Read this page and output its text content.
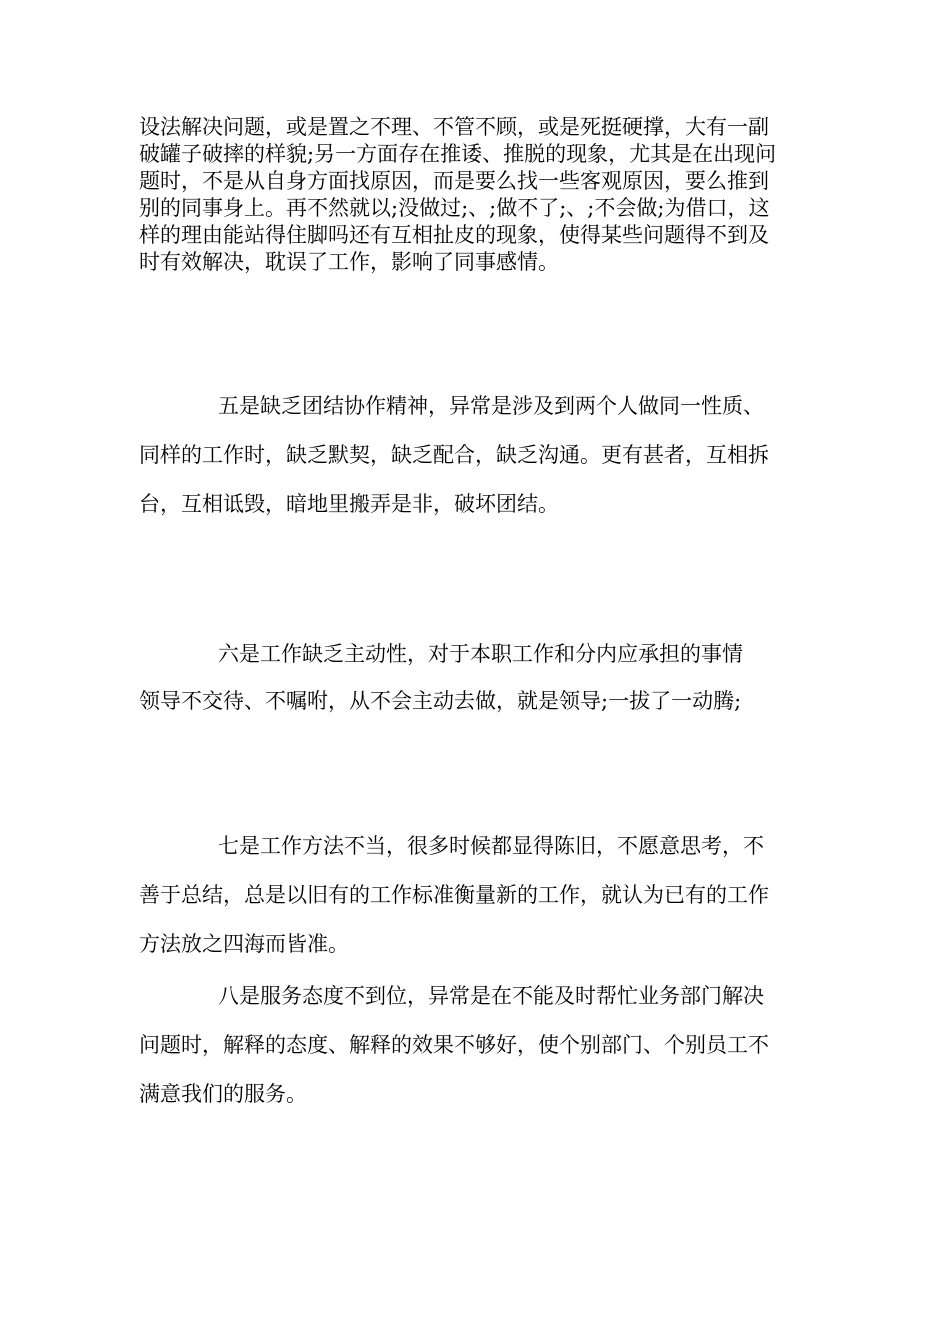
设法解决问题，或是置之不理、不管不顾，或是死挺硬撑，大有一副

破罐子破摔的样貌;另一方面存在推诿、推脱的现象，尤其是在出现问

题时，不是从自身方面找原因，而是要么找一些客观原因，要么推到

别的同事身上。再不然就以;没做过;、;做不了;、;不会做;为借口，这

样的理由能站得住脚吗还有互相扯皮的现象，使得某些问题得不到及

时有效解决，耽误了工作，影响了同事感情。

五是缺乏团结协作精神，异常是涉及到两个人做同一性质、

同样的工作时，缺乏默契，缺乏配合，缺乏沟通。更有甚者，互相拆

台，互相诋毁，暗地里搬弄是非，破坏团结。

六是工作缺乏主动性，对于本职工作和分内应承担的事情

领导不交待、不嘱咐，从不会主动去做，就是领导;一拔了一动腾;

七是工作方法不当，很多时候都显得陈旧，不愿意思考，不

善于总结，总是以旧有的工作标准衡量新的工作，就认为已有的工作

方法放之四海而皆准。

八是服务态度不到位，异常是在不能及时帮忙业务部门解决

问题时，解释的态度、解释的效果不够好，使个别部门、个别员工不

满意我们的服务。
